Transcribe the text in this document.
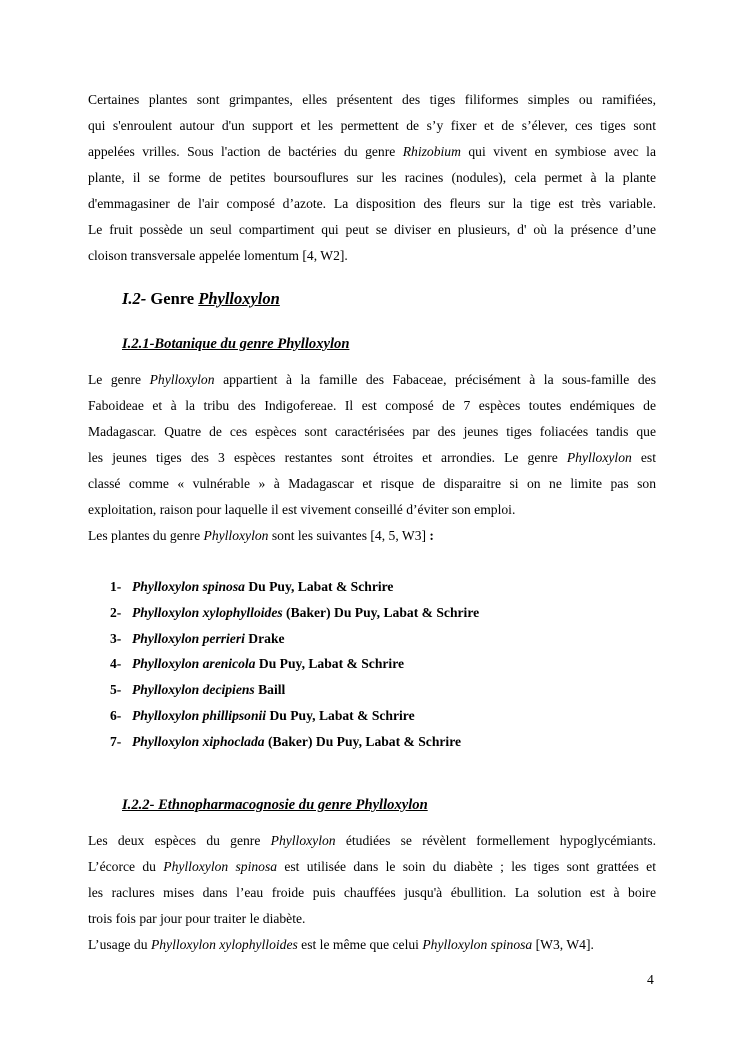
Certaines plantes sont grimpantes, elles présentent des tiges filiformes simples ou ramifiées,
qui s'enroulent autour d'un support et les permettent de s’y fixer et de s’élever, ces tiges sont
appelées vrilles. Sous l'action de bactéries du genre Rhizobium qui vivent en symbiose avec la
plante, il se forme de petites boursouflures sur les racines (nodules), cela permet à la plante
d'emmagasiner de l'air composé d’azote. La disposition des fleurs sur la tige est très variable.
Le fruit possède un seul compartiment qui peut se diviser en plusieurs, d' où la présence d’une
cloison transversale appelée lomentum [4, W2].
I.2- Genre Phylloxylon
I.2.1-Botanique du genre Phylloxylon
Le genre Phylloxylon appartient à la famille des Fabaceae, précisément à la sous-famille des
Faboideae et à la tribu des Indigofereae. Il est composé de 7 espèces toutes endémiques de
Madagascar. Quatre de ces espèces sont caractérisées par des jeunes tiges foliacées tandis que
les jeunes tiges des 3 espèces restantes sont étroites et arrondies. Le genre Phylloxylon est
classé comme « vulnérable » à Madagascar et risque de disparaitre si on ne limite pas son
exploitation, raison pour laquelle il est vivement conseillé d’éviter son emploi.
Les plantes du genre Phylloxylon sont les suivantes [4, 5, W3] :
1- Phylloxylon spinosa Du Puy, Labat & Schrire
2- Phylloxylon xylophylloides (Baker) Du Puy, Labat & Schrire
3- Phylloxylon perrieri Drake
4- Phylloxylon arenicola Du Puy, Labat & Schrire
5- Phylloxylon decipiens Baill
6- Phylloxylon phillipsonii Du Puy, Labat & Schrire
7- Phylloxylon xiphoclada (Baker) Du Puy, Labat & Schrire
I.2.2- Ethnopharmacognosie du genre Phylloxylon
Les deux espèces du genre Phylloxylon étudiées se révèlent formellement hypoglycémiants.
L’écorce du Phylloxylon spinosa est utilisée dans le soin du diabète ; les tiges sont grattées et
les raclures mises dans l’eau froide puis chauffées jusqu'à ébullition. La solution est à boire
trois fois par jour pour traiter le diabète.
L’usage du Phylloxylon xylophylloides est le même que celui Phylloxylon spinosa [W3, W4].
4
